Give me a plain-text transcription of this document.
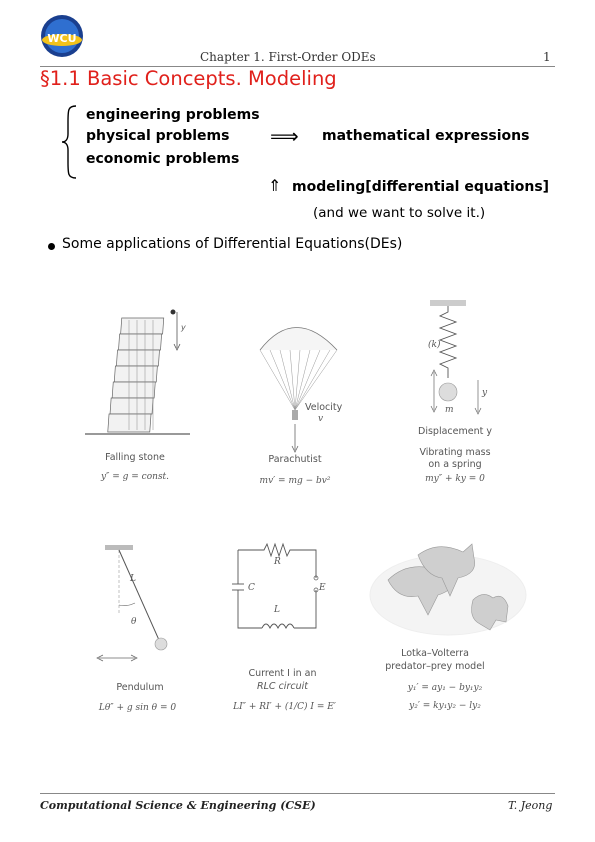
WCU
Chapter 1. First-Order ODEs	1
§1.1 Basic Concepts. Modeling
engineering problems
physical problems
economic problems
⟹ mathematical expressions
⇑ modeling[differential equations]
(and we want to solve it.)
Some applications of Differential Equations(DEs)
y
Falling stone
y″ = g = const.
Velocity
v
Parachutist
mv′ = mg − bv²
(k)
m
y
Displacement y
Vibrating mass
on a spring
my″ + ky = 0
L
θ
Pendulum
Lθ″ + g sin θ = 0
R
C	E
L
Current I in an
RLC circuit
LI″ + RI′ + (1/C) I = E′
Lotka–Volterra
predator–prey model
y₁′ = ay₁ − by₁y₂
y₂′ = ky₁y₂ − ly₂
Computational Science & Engineering (CSE)	T. Jeong
